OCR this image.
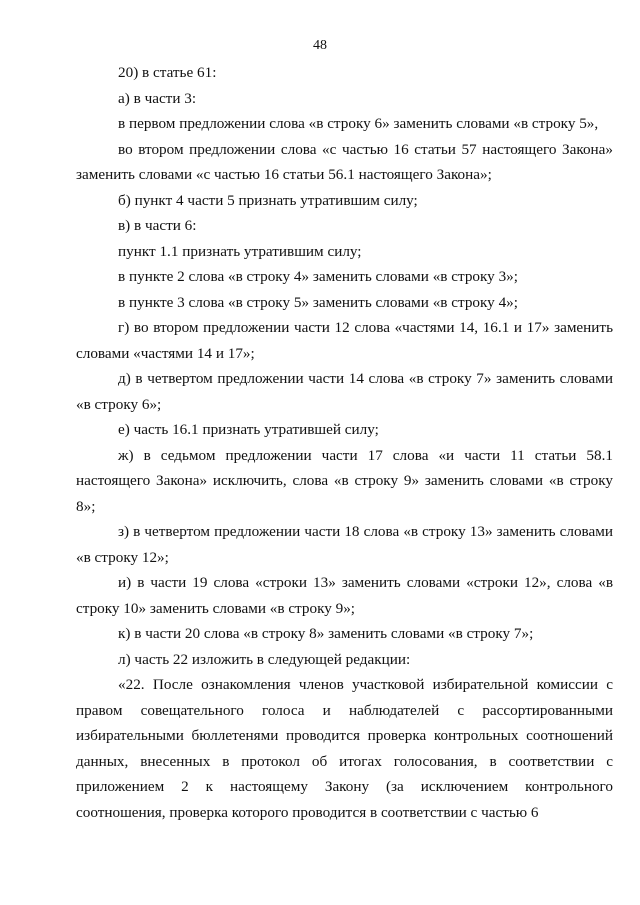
48

20) в статье 61:

а) в части 3:

в первом предложении слова «в строку 6» заменить словами «в строку 5»,

во втором предложении слова «с частью 16 статьи 57 настоящего Закона» заменить словами «с частью 16 статьи 56.1 настоящего Закона»;

б) пункт 4 части 5 признать утратившим силу;

в) в части 6:

пункт 1.1 признать утратившим силу;

в пункте 2 слова «в строку 4» заменить словами «в строку 3»;

в пункте 3 слова «в строку 5» заменить словами «в строку 4»;

г) во втором предложении части 12 слова «частями 14, 16.1 и 17» заменить словами «частями 14 и 17»;

д) в четвертом предложении части 14 слова «в строку 7» заменить словами «в строку 6»;

е) часть 16.1 признать утратившей силу;

ж) в седьмом предложении части 17 слова «и части 11 статьи 58.1 настоящего Закона» исключить, слова «в строку 9» заменить словами «в строку 8»;

з) в четвертом предложении части 18 слова «в строку 13» заменить словами «в строку 12»;

и) в части 19 слова «строки 13» заменить словами «строки 12», слова «в строку 10» заменить словами «в строку 9»;

к) в части 20 слова «в строку 8» заменить словами «в строку 7»;

л) часть 22 изложить в следующей редакции:

«22. После ознакомления членов участковой избирательной комиссии с правом совещательного голоса и наблюдателей с рассортированными избирательными бюллетенями проводится проверка контрольных соотношений данных, внесенных в протокол об итогах голосования, в соответствии с приложением 2 к настоящему Закону (за исключением контрольного соотношения, проверка которого проводится в соответствии с частью 6
